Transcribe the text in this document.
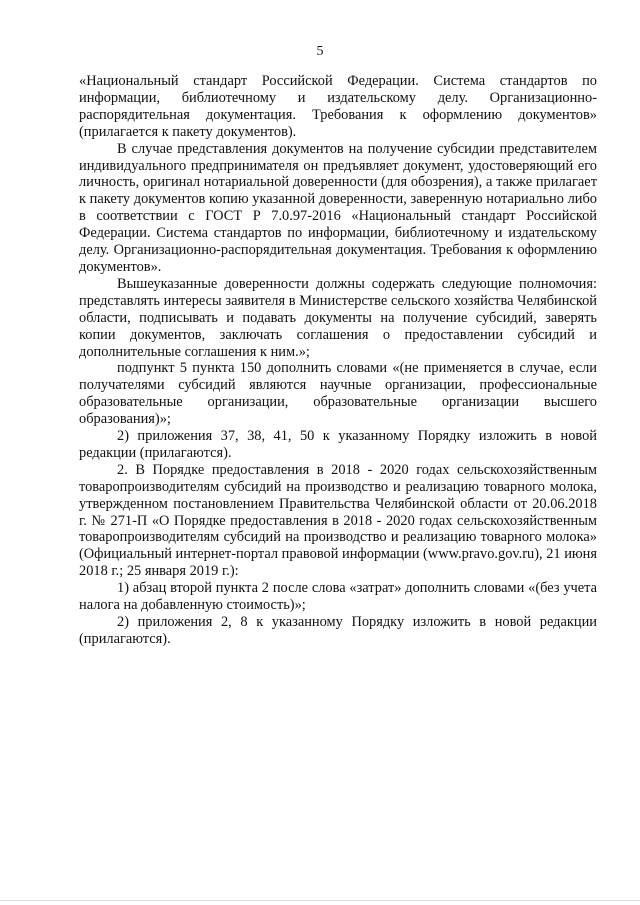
5

«Национальный стандарт Российской Федерации. Система стандартов по информации, библиотечному и издательскому делу. Организационно-распорядительная документация. Требования к оформлению документов» (прилагается к пакету документов).

В случае представления документов на получение субсидии представителем индивидуального предпринимателя он предъявляет документ, удостоверяющий его личность, оригинал нотариальной доверенности (для обозрения), а также прилагает к пакету документов копию указанной доверенности, заверенную нотариально либо в соответствии с ГОСТ Р 7.0.97-2016 «Национальный стандарт Российской Федерации. Система стандартов по информации, библиотечному и издательскому делу. Организационно-распорядительная документация. Требования к оформлению документов».

Вышеуказанные доверенности должны содержать следующие полномочия: представлять интересы заявителя в Министерстве сельского хозяйства Челябинской области, подписывать и подавать документы на получение субсидий, заверять копии документов, заключать соглашения о предоставлении субсидий и дополнительные соглашения к ним.»;

подпункт 5 пункта 150 дополнить словами «(не применяется в случае, если получателями субсидий являются научные организации, профессиональные образовательные организации, образовательные организации высшего образования)»;

2) приложения 37, 38, 41, 50 к указанному Порядку изложить в новой редакции (прилагаются).

2. В Порядке предоставления в 2018 - 2020 годах сельскохозяйственным товаропроизводителям субсидий на производство и реализацию товарного молока, утвержденном постановлением Правительства Челябинской области от 20.06.2018 г. № 271-П «О Порядке предоставления в 2018 - 2020 годах сельскохозяйственным товаропроизводителям субсидий на производство и реализацию товарного молока» (Официальный интернет-портал правовой информации (www.pravo.gov.ru), 21 июня 2018 г.; 25 января 2019 г.):

1) абзац второй пункта 2 после слова «затрат» дополнить словами «(без учета налога на добавленную стоимость)»;

2) приложения 2, 8 к указанному Порядку изложить в новой редакции (прилагаются).
